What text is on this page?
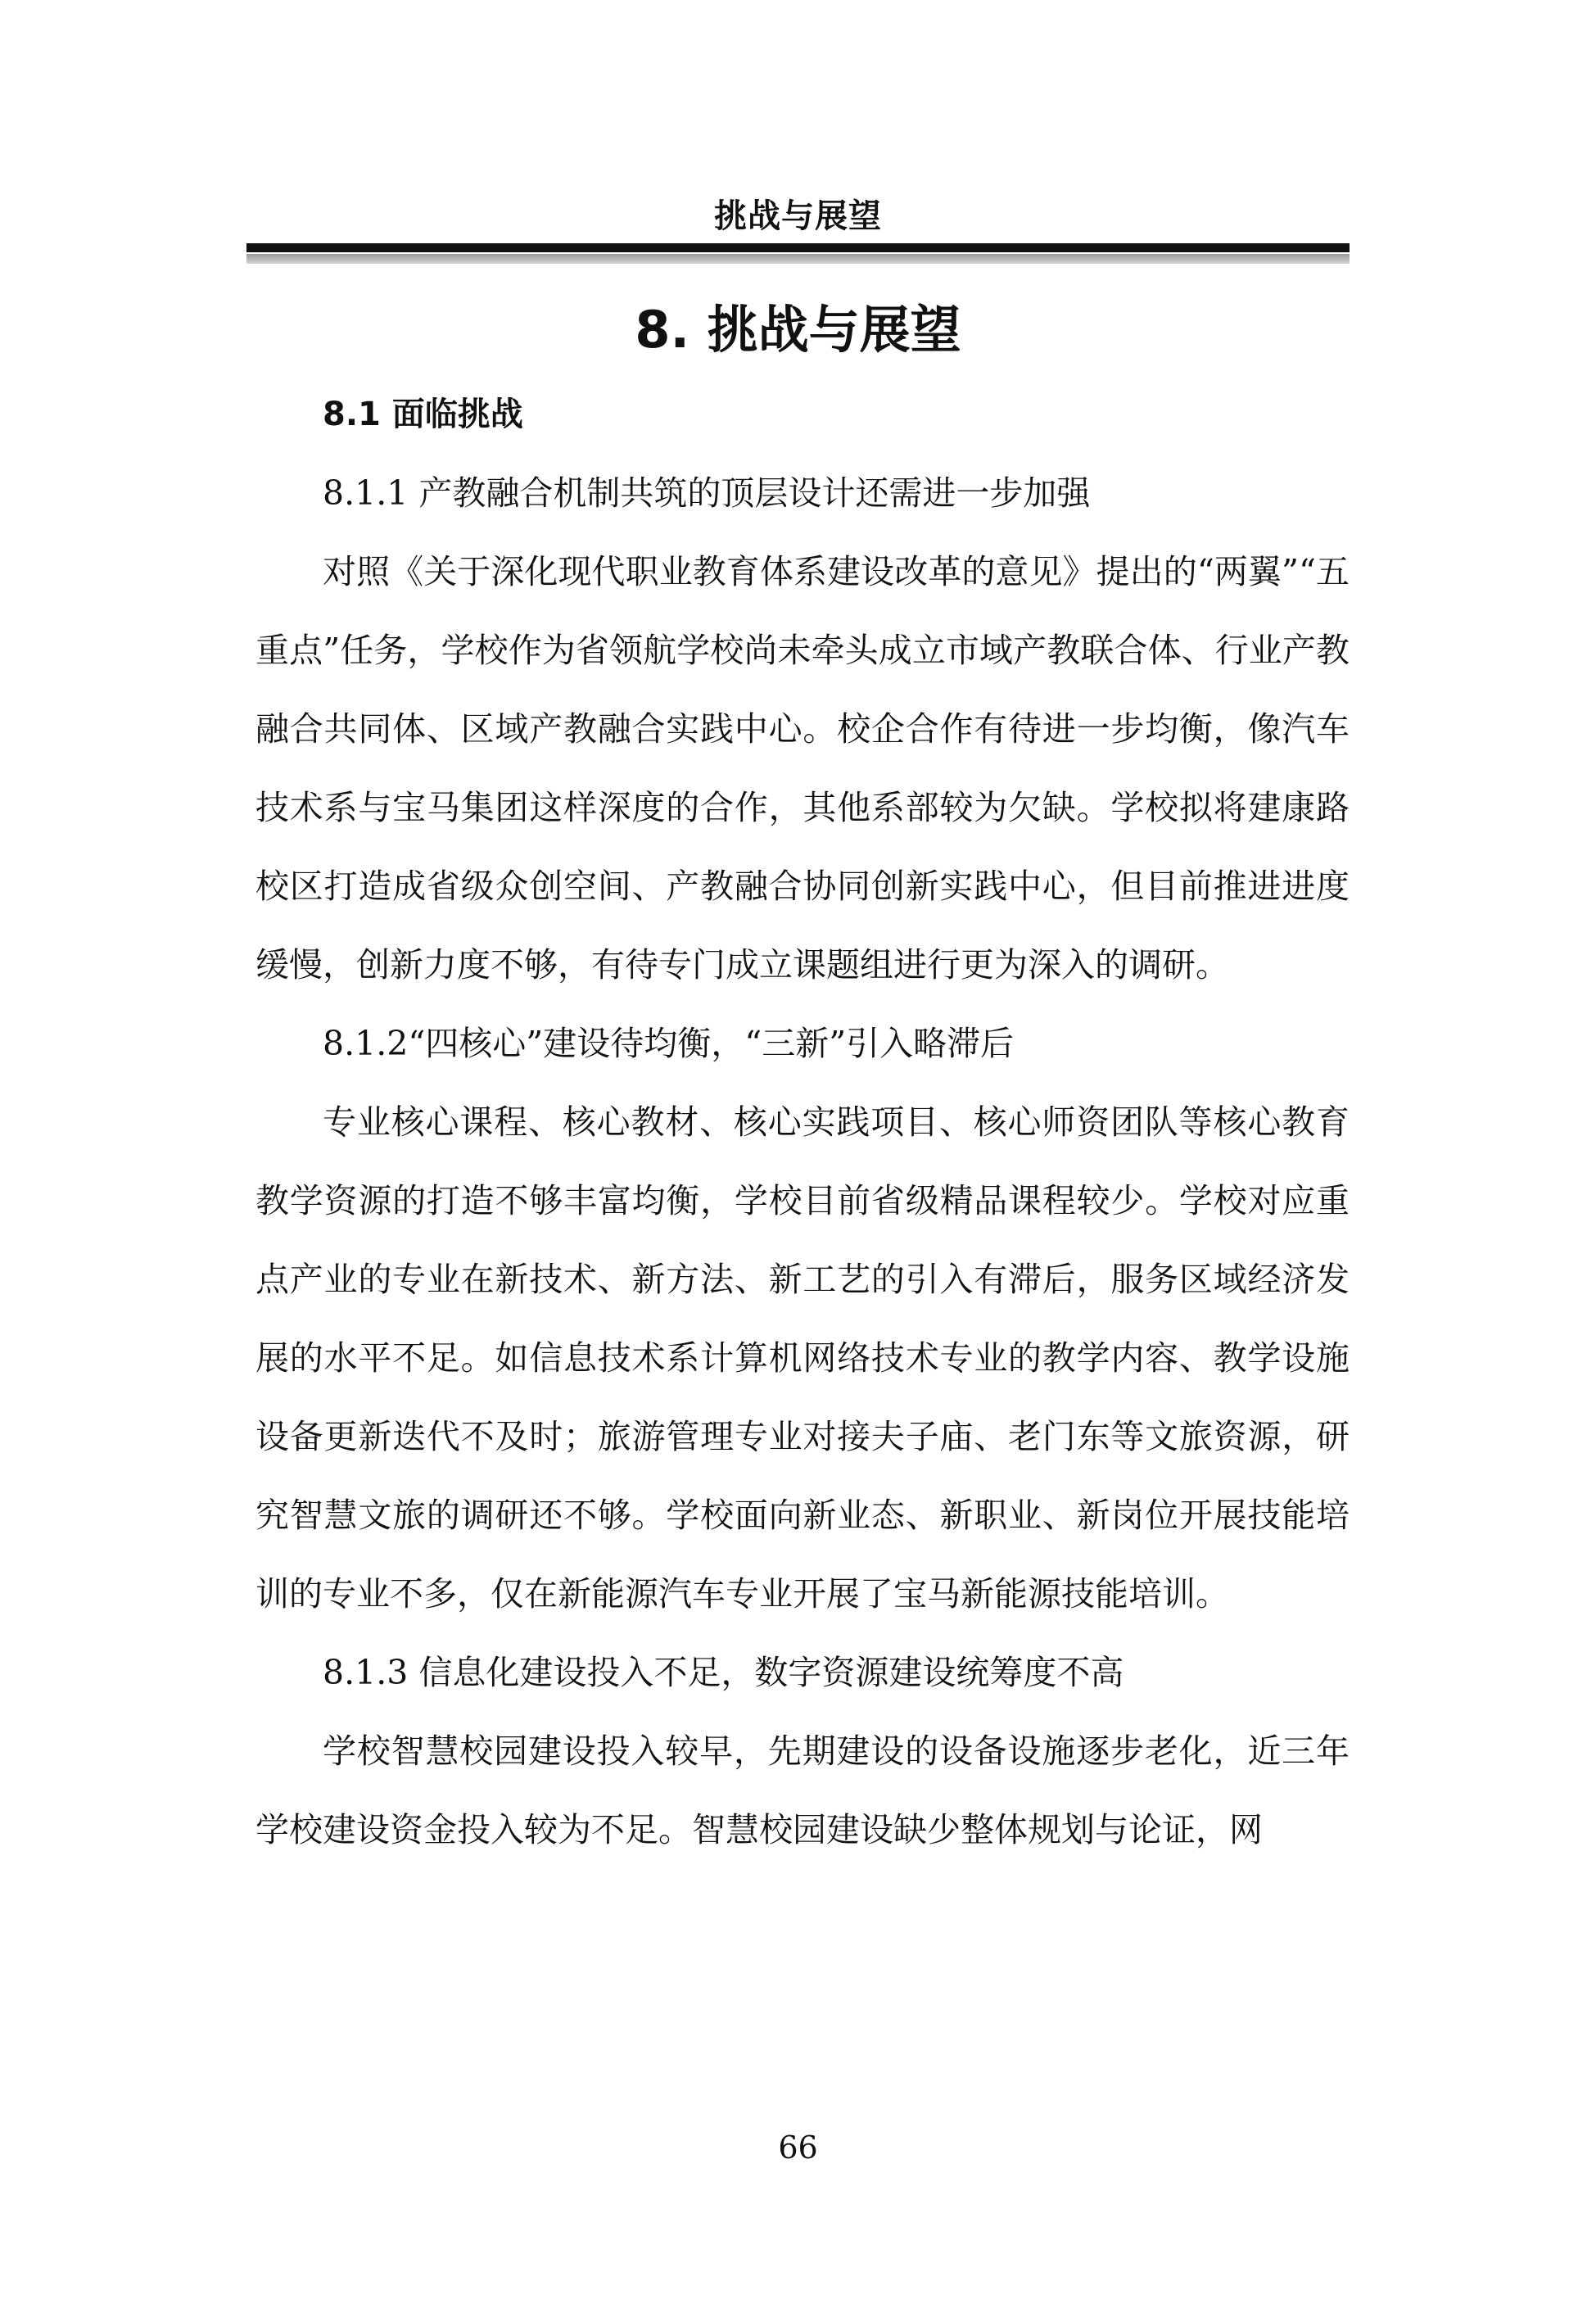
挑战与展望
8. 挑战与展望

8.1 面临挑战

8.1.1 产教融合机制共筑的顶层设计还需进一步加强

对照《关于深化现代职业教育体系建设改革的意见》提出的“两翼”“五重点”任务，学校作为省领航学校尚未牵头成立市域产教联合体、行业产教融合共同体、区域产教融合实践中心。校企合作有待进一步均衡，像汽车技术系与宝马集团这样深度的合作，其他系部较为欠缺。学校拟将建康路校区打造成省级众创空间、产教融合协同创新实践中心，但目前推进进度缓慢，创新力度不够，有待专门成立课题组进行更为深入的调研。

8.1.2“四核心”建设待均衡，“三新”引入略滞后

专业核心课程、核心教材、核心实践项目、核心师资团队等核心教育教学资源的打造不够丰富均衡，学校目前省级精品课程较少。学校对应重点产业的专业在新技术、新方法、新工艺的引入有滞后，服务区域经济发展的水平不足。如信息技术系计算机网络技术专业的教学内容、教学设施设备更新迭代不及时；旅游管理专业对接夫子庙、老门东等文旅资源，研究智慧文旅的调研还不够。学校面向新业态、新职业、新岗位开展技能培训的专业不多，仅在新能源汽车专业开展了宝马新能源技能培训。

8.1.3 信息化建设投入不足，数字资源建设统筹度不高

学校智慧校园建设投入较早，先期建设的设备设施逐步老化，近三年学校建设资金投入较为不足。智慧校园建设缺少整体规划与论证，网

66
